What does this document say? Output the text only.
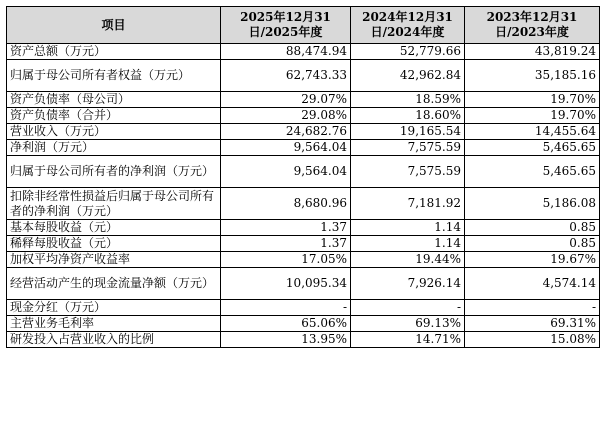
项目	2025年12月31日/2025年度	2024年12月31日/2024年度	2023年12月31日/2023年度
资产总额（万元）	88,474.94	52,779.66	43,819.24
归属于母公司所有者权益（万元）	62,743.33	42,962.84	35,185.16
资产负债率（母公司）	29.07%	18.59%	19.70%
资产负债率（合并）	29.08%	18.60%	19.70%
营业收入（万元）	24,682.76	19,165.54	14,455.64
净利润（万元）	9,564.04	7,575.59	5,465.65
归属于母公司所有者的净利润（万元）	9,564.04	7,575.59	5,465.65
扣除非经常性损益后归属于母公司所有者的净利润（万元）	8,680.96	7,181.92	5,186.08
基本每股收益（元）	1.37	1.14	0.85
稀释每股收益（元）	1.37	1.14	0.85
加权平均净资产收益率	17.05%	19.44%	19.67%
经营活动产生的现金流量净额（万元）	10,095.34	7,926.14	4,574.14
现金分红（万元）	-	-	-
主营业务毛利率	65.06%	69.13%	69.31%
研发投入占营业收入的比例	13.95%	14.71%	15.08%
